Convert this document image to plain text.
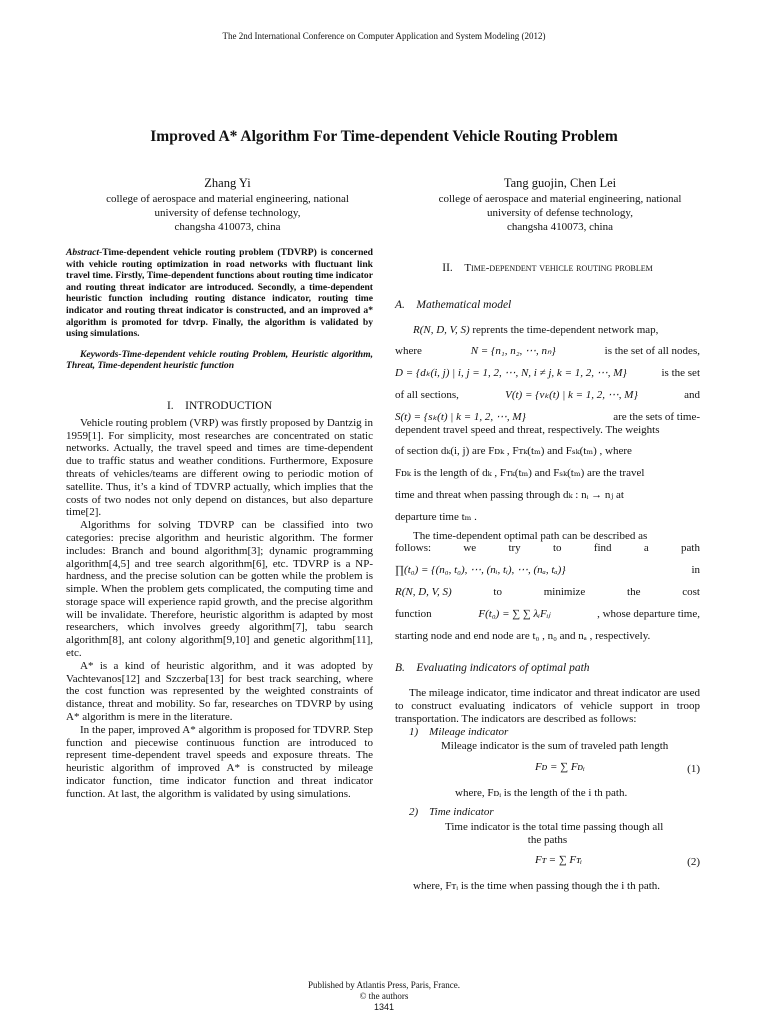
The 2nd International Conference on Computer Application and System Modeling (2012)
Improved A* Algorithm For Time-dependent Vehicle Routing Problem
Zhang Yi
college of aerospace and material engineering, national
university of defense technology,
changsha 410073, china
Tang guojin, Chen Lei
college of aerospace and material engineering, national
university of defense technology,
changsha 410073, china

Abstract-Time-dependent vehicle routing problem (TDVRP) is concerned with vehicle routing optimization in road networks with fluctuant link travel time. Firstly, Time-dependent functions about routing time indicator and routing threat indicator are introduced. Secondly, a time-dependent heuristic function including routing distance indicator, routing time indicator and routing threat indicator is constructed, and an improved a* algorithm is promoted for tdvrp. Finally, the algorithm is validated by using simulations.

Keywords-Time-dependent vehicle routing Problem, Heuristic algorithm, Threat, Time-dependent heuristic function

I. INTRODUCTION

Vehicle routing problem (VRP) was firstly proposed by Dantzig in 1959[1]. For simplicity, most researches are concentrated on static networks. Actually, the travel speed and times are time-dependent due to traffic status and weather conditions. Furthermore, Exposure threats of vehicles/teams are different owing to periodic motion of satellite. Thus, it’s a kind of TDVRP actually, which implies that the costs of two nodes not only depend on distances, but also departure time[2].

Algorithms for solving TDVRP can be classified into two categories: precise algorithm and heuristic algorithm. The former includes: Branch and bound algorithm[3]; dynamic programming algorithm[4,5] and tree search algorithm[6], etc. TDVRP is a NP-hardness, and the precise solution can be gotten while the problem is simple. When the problem gets complicated, the computing time and storage space will experience rapid growth, and the precise algorithm will be invalidate. Therefore, heuristic algorithm is adapted by most researchers, which involves greedy algorithm[7], tabu search algorithm[8], ant colony algorithm[9,10] and genetic algorithm[11], etc.

A* is a kind of heuristic algorithm, and it was adopted by Vachtevanos[12] and Szczerba[13] for best track searching, where the cost function was represented by the weighted constraints of distance, threat and mobility. So far, researches on TDVRP by using A* algorithm is mere in the literature.

In the paper, improved A* algorithm is proposed for TDVRP. Step function and piecewise continuous function are introduced to represent time-dependent travel speeds and exposure threats. The heuristic algorithm of improved A* is constructed by mileage indicator function, time indicator function and threat indicator function. At last, the algorithm is validated by using simulations.

II.  Time-dependent vehicle routing problem
A. Mathematical model
R(N, D, V, S) reprents the time-dependent network map,
where	N = {n₁, n₂, ⋯, nₙ}	is the set of all nodes,
D = {dₖ(i, j) | i, j = 1, 2, ⋯, N, i ≠ j, k = 1, 2, ⋯, M}	is the set
of all sections,	V(t) = {vₖ(t) | k = 1, 2, ⋯, M}	and
S(t) = {sₖ(t) | k = 1, 2, ⋯, M}	are the sets of time-
dependent travel speed and threat, respectively. The weights
of section dₖ(i, j) are Fᴅₖ , Fᴛₖ(tₘ) and Fₛₖ(tₘ) , where
Fᴅₖ is the length of dₖ , Fᴛₖ(tₘ) and Fₛₖ(tₘ) are the travel
time and threat when passing through dₖ : nᵢ → nⱼ at
departure time tₘ .
The time-dependent optimal path can be described as
follows:	we	try	to	find	a	path
∏(t₀) = {(n₀, t₀), ⋯, (nᵢ, tᵢ), ⋯, (nₐ, tₐ)}	in
R(N, D, V, S)	to	minimize	the	cost
function	F(t₀) = ∑ ∑ λᵢFᵢⱼ	, whose departure time,
starting node and end node are t₀ , n₀ and nₐ , respectively.
B. Evaluating indicators of optimal path

The mileage indicator, time indicator and threat indicator are used to construct evaluating indicators of vehicle support in troop transportation. The indicators are described as follows:

1) Mileage indicator
Mileage indicator is the sum of traveled path length
Fᴅ = ∑ Fᴅᵢ	(1)
where, Fᴅᵢ is the length of the i th path.
2) Time indicator
Time indicator is the total time passing though all
the paths
Fᴛ = ∑ Fᴛᵢ	(2)
where, Fᴛᵢ is the time when passing though the i th path.
Published by Atlantis Press, Paris, France.
© the authors
1341
